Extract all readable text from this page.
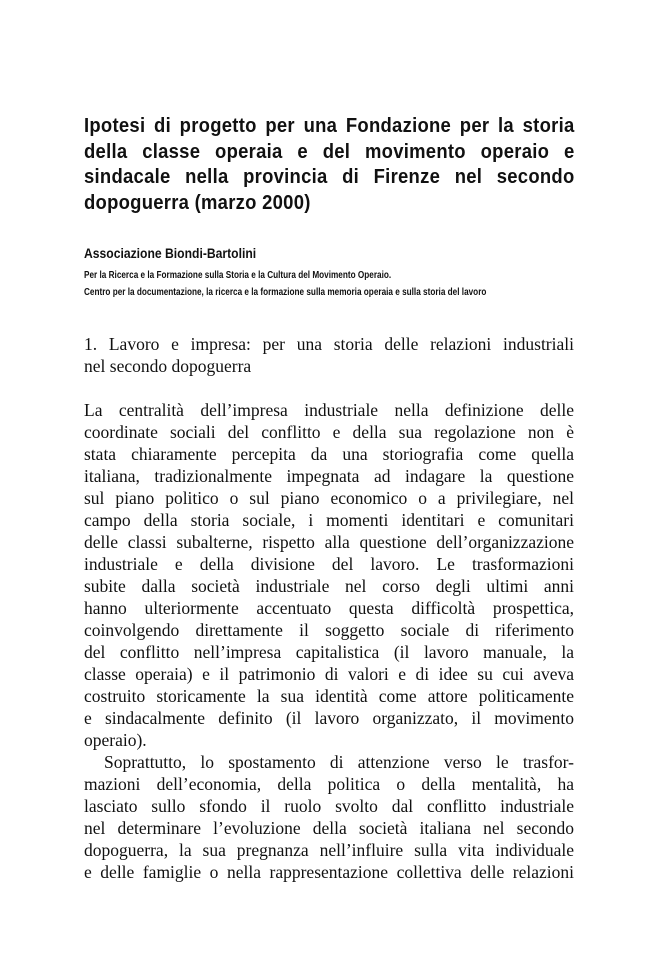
Ipotesi di progetto per una Fondazione per la storia
della classe operaia e del movimento operaio e
sindacale nella provincia di Firenze nel secondo
dopoguerra (marzo 2000)
Associazione Biondi-Bartolini
Per la Ricerca e la Formazione sulla Storia e la Cultura del Movimento Operaio.
Centro per la documentazione, la ricerca e la formazione sulla memoria operaia e sulla storia del lavoro
1. Lavoro e impresa: per una storia delle relazioni industriali
nel secondo dopoguerra
La centralità dell’impresa industriale nella definizione delle
coordinate sociali del conflitto e della sua regolazione non è
stata chiaramente percepita da una storiografia come quella
italiana, tradizionalmente impegnata ad indagare la questione
sul piano politico o sul piano economico o a privilegiare, nel
campo della storia sociale, i momenti identitari e comunitari
delle classi subalterne, rispetto alla questione dell’organizzazione
industriale e della divisione del lavoro. Le trasformazioni
subite dalla società industriale nel corso degli ultimi anni
hanno ulteriormente accentuato questa difficoltà prospettica,
coinvolgendo direttamente il soggetto sociale di riferimento
del conflitto nell’impresa capitalistica (il lavoro manuale, la
classe operaia) e il patrimonio di valori e di idee su cui aveva
costruito storicamente la sua identità come attore politicamente
e sindacalmente definito (il lavoro organizzato, il movimento
operaio).
Soprattutto, lo spostamento di attenzione verso le trasfor-
mazioni dell’economia, della politica o della mentalità, ha
lasciato sullo sfondo il ruolo svolto dal conflitto industriale
nel determinare l’evoluzione della società italiana nel secondo
dopoguerra, la sua pregnanza nell’influire sulla vita individuale
e delle famiglie o nella rappresentazione collettiva delle relazioni
